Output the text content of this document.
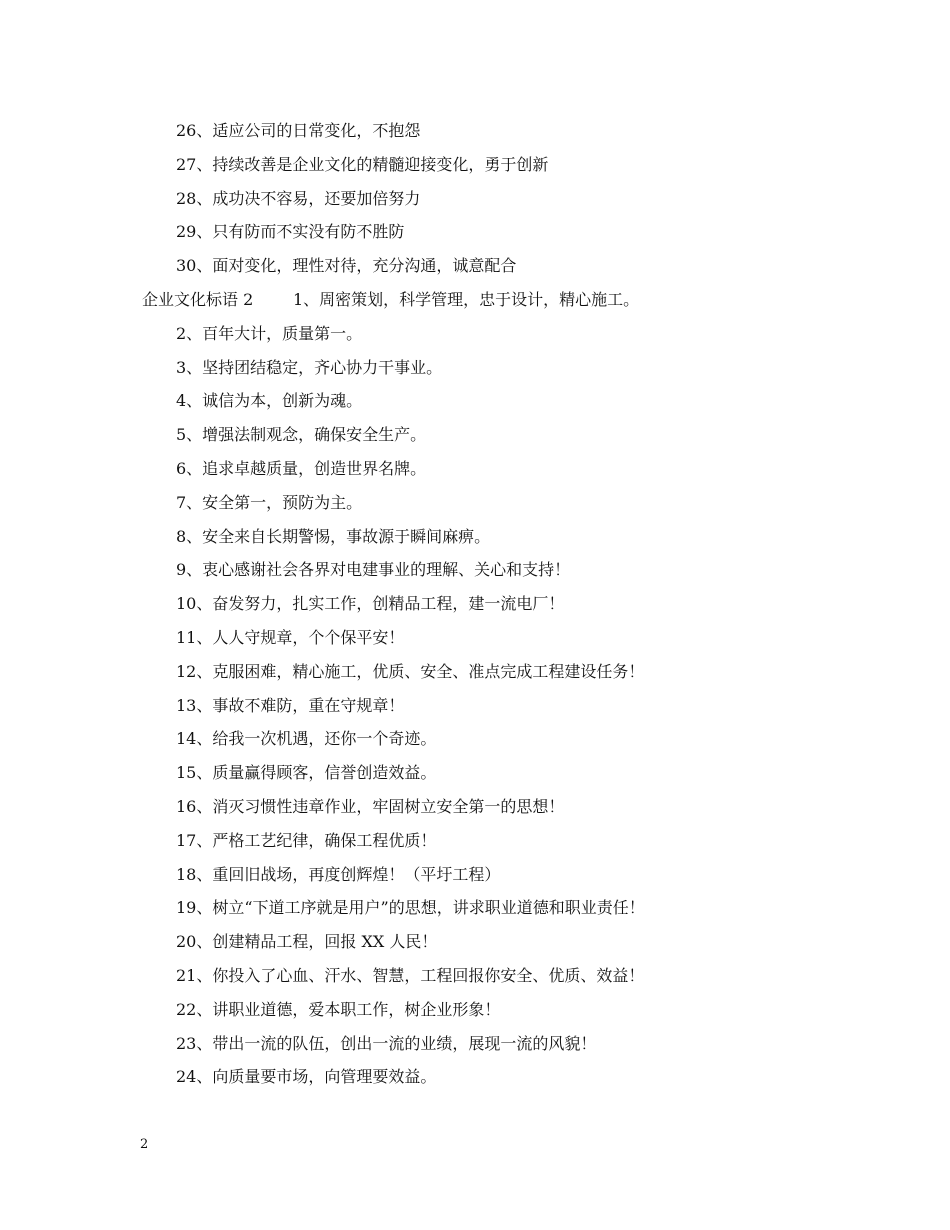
26、适应公司的日常变化，不抱怨
27、持续改善是企业文化的精髓迎接变化，勇于创新
28、成功决不容易，还要加倍努力
29、只有防而不实没有防不胜防
30、面对变化，理性对待，充分沟通，诚意配合
企业文化标语 2 1、周密策划，科学管理，忠于设计，精心施工。
2、百年大计，质量第一。
3、坚持团结稳定，齐心协力干事业。
4、诚信为本，创新为魂。
5、增强法制观念，确保安全生产。
6、追求卓越质量，创造世界名牌。
7、安全第一，预防为主。
8、安全来自长期警惕，事故源于瞬间麻痹。
9、衷心感谢社会各界对电建事业的理解、关心和支持！
10、奋发努力，扎实工作，创精品工程，建一流电厂！
11、人人守规章，个个保平安！
12、克服困难，精心施工，优质、安全、准点完成工程建设任务！
13、事故不难防，重在守规章！
14、给我一次机遇，还你一个奇迹。
15、质量赢得顾客，信誉创造效益。
16、消灭习惯性违章作业，牢固树立安全第一的思想！
17、严格工艺纪律，确保工程优质！
18、重回旧战场，再度创辉煌！（平圩工程）
19、树立“下道工序就是用户”的思想，讲求职业道德和职业责任！
20、创建精品工程，回报 XX 人民！
21、你投入了心血、汗水、智慧，工程回报你安全、优质、效益！
22、讲职业道德，爱本职工作，树企业形象！
23、带出一流的队伍，创出一流的业绩，展现一流的风貌！
24、向质量要市场，向管理要效益。
2
